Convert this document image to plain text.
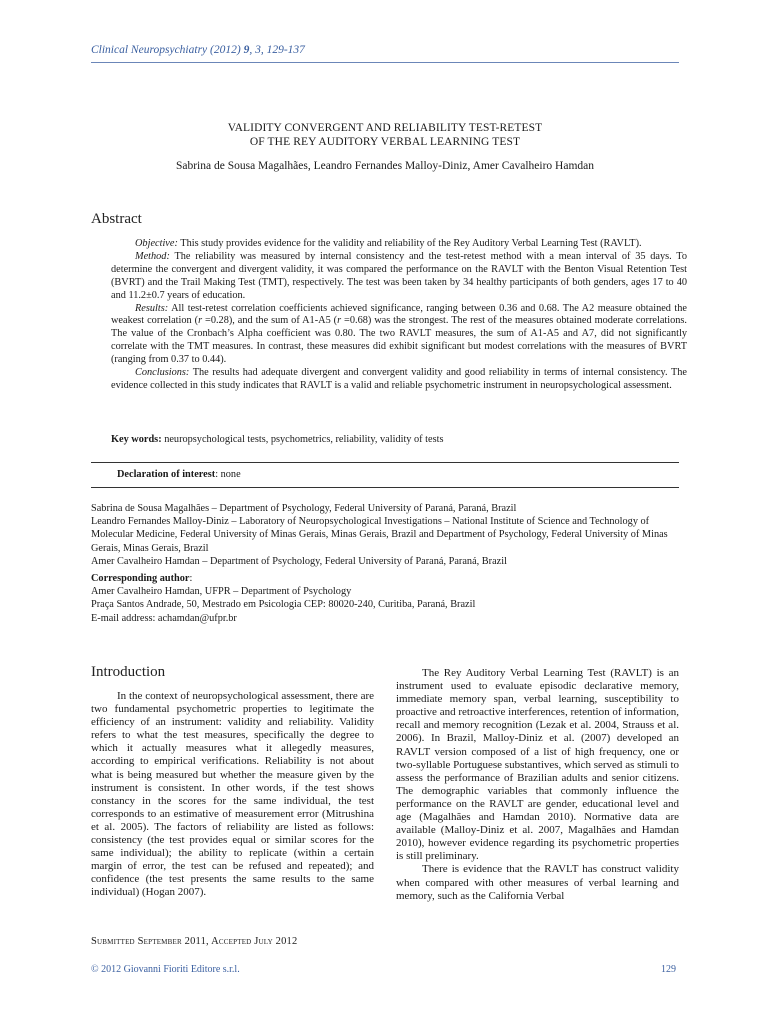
Clinical Neuropsychiatry (2012) 9, 3, 129-137
VALIDITY CONVERGENT AND RELIABILITY TEST-RETEST
OF THE REY AUDITORY VERBAL LEARNING TEST
Sabrina de Sousa Magalhães, Leandro Fernandes Malloy-Diniz, Amer Cavalheiro Hamdan
Abstract

Objective: This study provides evidence for the validity and reliability of the Rey Auditory Verbal Learning Test (RAVLT).

Method: The reliability was measured by internal consistency and the test-retest method with a mean interval of 35 days. To determine the convergent and divergent validity, it was compared the performance on the RAVLT with the Benton Visual Retention Test (BVRT) and the Trail Making Test (TMT), respectively. The test was been taken by 34 healthy participants of both genders, ages 17 to 40 and 11.2±0.7 years of education.

Results: All test-retest correlation coefficients achieved significance, ranging between 0.36 and 0.68. The A2 measure obtained the weakest correlation (r =0.28), and the sum of A1-A5 (r =0.68) was the strongest. The rest of the measures obtained moderate correlations. The value of the Cronbach’s Alpha coefficient was 0.80. The two RAVLT measures, the sum of A1-A5 and A7, did not significantly correlate with the TMT measures. In contrast, these measures did exhibit significant but modest correlations with the measures of BVRT (ranging from 0.37 to 0.44).

Conclusions: The results had adequate divergent and convergent validity and good reliability in terms of internal consistency. The evidence collected in this study indicates that RAVLT is a valid and reliable psychometric instrument in neuropsychological assessment.

Key words: neuropsychological tests, psychometrics, reliability, validity of tests
Declaration of interest: none

Sabrina de Sousa Magalhães – Department of Psychology, Federal University of Paraná, Paraná, Brazil

Leandro Fernandes Malloy-Diniz – Laboratory of Neuropsychological Investigations – National Institute of Science and Technology of Molecular Medicine, Federal University of Minas Gerais, Minas Gerais, Brazil and Department of Psychology, Federal University of Minas Gerais, Minas Gerais, Brazil

Amer Cavalheiro Hamdan – Department of Psychology, Federal University of Paraná, Paraná, Brazil

Corresponding author:

Amer Cavalheiro Hamdan, UFPR – Department of Psychology

Praça Santos Andrade, 50, Mestrado em Psicologia CEP: 80020-240, Curitiba, Paraná, Brazil

E-mail address: achamdan@ufpr.br

Introduction

In the context of neuropsychological assessment, there are two fundamental psychometric properties to legitimate the efficiency of an instrument: validity and reliability. Validity refers to what the test measures, specifically the degree to which it actually measures what it allegedly measures, according to empirical verifications. Reliability is not about what is being measured but whether the measure given by the instrument is consistent. In other words, if the test shows constancy in the scores for the same individual, the test corresponds to an estimative of measurement error (Mitrushina et al. 2005). The factors of reliability are listed as follows: consistency (the test provides equal or similar scores for the same individual); the ability to replicate (within a certain margin of error, the test can be refused and repeated); and confidence (the test presents the same results to the same individual) (Hogan 2007).

The Rey Auditory Verbal Learning Test (RAVLT) is an instrument used to evaluate episodic declarative memory, immediate memory span, verbal learning, susceptibility to proactive and retroactive interferences, retention of information, recall and memory recognition (Lezak et al. 2004, Strauss et al. 2006). In Brazil, Malloy-Diniz et al. (2007) developed an RAVLT version composed of a list of high frequency, one or two-syllable Portuguese substantives, which served as stimuli to assess the performance of Brazilian adults and senior citizens. The demographic variables that commonly influence the performance on the RAVLT are gender, educational level and age (Magalhães and Hamdan 2010). Normative data are available (Malloy-Diniz et al. 2007, Magalhães and Hamdan 2010), however evidence regarding its psychometric properties is still preliminary.

There is evidence that the RAVLT has construct validity when compared with other measures of verbal learning and memory, such as the California Verbal

Submitted September 2011, Accepted July 2012
© 2012 Giovanni Fioriti Editore s.r.l.	129
